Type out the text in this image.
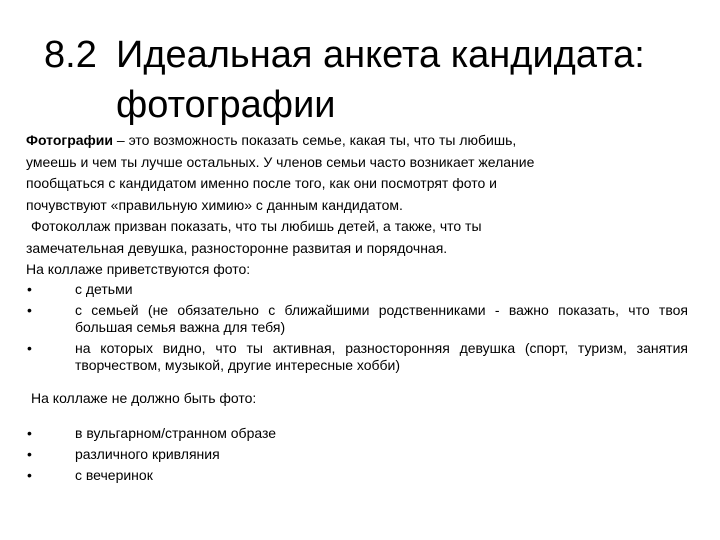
8.2 Идеальная анкета кандидата:
фотографии

Фотографии – это возможность показать семье, какая ты, что ты любишь,

умеешь и чем ты лучше остальных. У членов семьи часто возникает желание

пообщаться с кандидатом именно после того, как они посмотрят фото и

почувствуют «правильную химию» с данным кандидатом.

Фотоколлаж призван показать, что ты любишь детей, а также, что ты

замечательная девушка, разносторонне развитая и порядочная.

На коллаже приветствуются фото:

•	с детьми
•	с семьей (не обязательно с ближайшими родственниками - важно показать, что твоя большая семья важна для тебя)
•	на которых видно, что ты активная, разносторонняя девушка (спорт, туризм, занятия творчеством, музыкой, другие интересные хобби)

На коллаже не должно быть фото:

•	в вульгарном/странном образе
•	различного кривляния
•	с вечеринок
